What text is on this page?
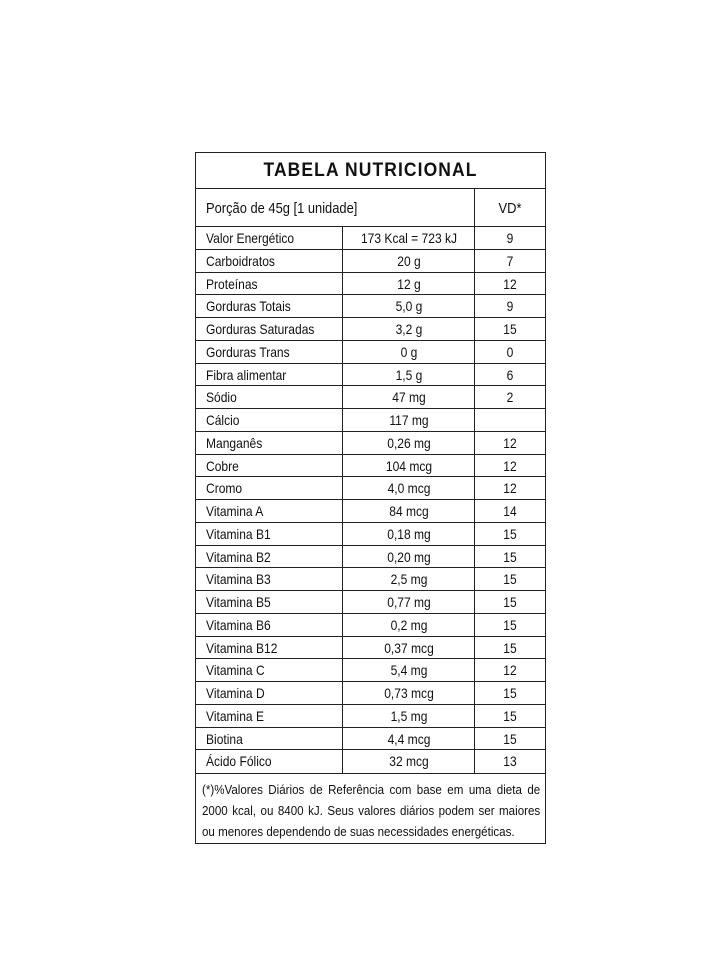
TABELA NUTRICIONAL
Porção de 45g [1 unidade]	VD*
Valor Energético	173 Kcal = 723 kJ	9
Carboidratos	20 g	7
Proteínas	12 g	12
Gorduras Totais	5,0 g	9
Gorduras Saturadas	3,2 g	15
Gorduras Trans	0 g	0
Fibra alimentar	1,5 g	6
Sódio	47 mg	2
Cálcio	117 mg
Manganês	0,26 mg	12
Cobre	104 mcg	12
Cromo	4,0 mcg	12
Vitamina A	84 mcg	14
Vitamina B1	0,18 mg	15
Vitamina B2	0,20 mg	15
Vitamina B3	2,5 mg	15
Vitamina B5	0,77 mg	15
Vitamina B6	0,2 mg	15
Vitamina B12	0,37 mcg	15
Vitamina C	5,4 mg	12
Vitamina D	0,73 mcg	15
Vitamina E	1,5 mg	15
Biotina	4,4 mcg	15
Ácido Fólico	32 mcg	13
(*)%Valores Diários de Referência com base em uma dieta de 2000 kcal, ou 8400 kJ. Seus valores diários podem ser maiores ou menores dependendo de suas necessidades energéticas.
